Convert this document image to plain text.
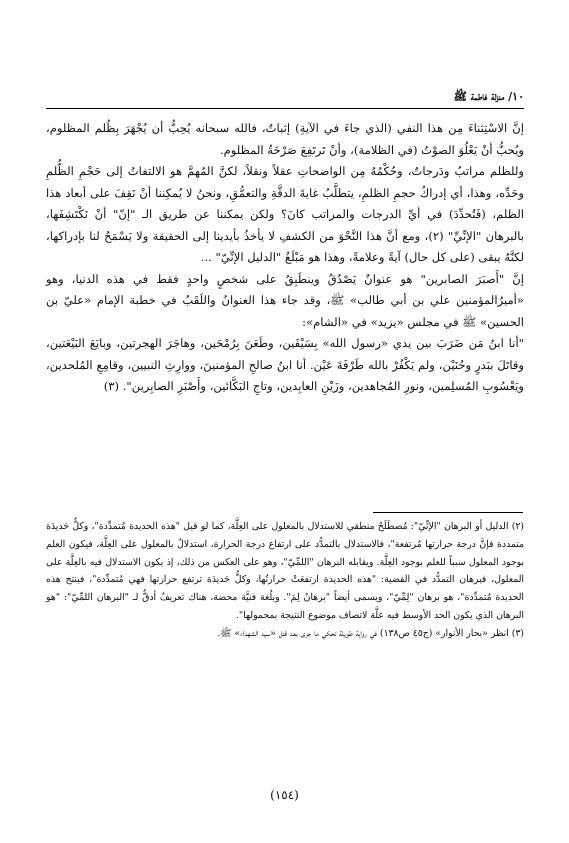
١٠/ منزلة فاطمة ﷺ

إنَّ الاسْتِثناءَ مِن هذا النفي (الذي جاءَ في الآيةِ) إثباتٌ، فالله سبحانه يُحِبُّ أن يُجْهَرَ بِظُلم المظلوم، ويُحبُّ أنْ يَعْلُوَ الصوْتُ (في الظلامة)، وأنْ تَرتَفِعَ صَرْخَةُ المظلوم.

وللظلم مراتبُ ودَرجاتٌ، وحُكْمُهُ مِن الواضحاتِ عقلاً ونقلاً، لكنَّ المُهمَّ هو الالتفاتُ إلى حَجْمِ الظُّلمِ وحَدِّه، وهذا، أي إدراكُ حجمِ الظلمِ، يتطلَّبُ غايةَ الدقَّةِ والتعمُّقِ، ونحنُ لا يُمكِننا أنْ نَقِفَ على أبعاد هذا الظلم، (فَتُحدِّدَ) في أيِّ الدرجات والمراتب كانَ؟ ولكن يمكننا عن طريق الـ "إنّ" أنْ نَكْتَشِفَها، بالبرهان "الإنِّيِّ" (٢)، ومع أنَّ هذا النَّحْوَ من الكشفِ لا يأخذُ بأيدينا إلى الحقيقة ولا يَسْمَحُ لنا بإدراكها، لكنَّهُ يبقى (على كل حال) آيةً وعلامةً، وهذا هو مَبْلَغُ "الدليل الإنِّيّ" ...

إنَّ "أَصبَرَ الصابرين" هو عنوانٌ يَصْدُقُ وينطَبِقُ على شخصٍ واحدٍ فقط في هذه الدنيا، وهو «أميرُالمؤمنين علي بن أبي طالب» ﷺ، وقد جاء هذا العنوانُ واللَقَبُ في خطبة الإمام «عليّ بن الحسين» ﷺ في مجلس «يزيد» في «الشام»:

"أنا ابنُ مَن ضَرَبَ بين يدي «رسول الله» بِسَيْفَين، وطَعَنَ بِرُمْحَين، وهاجَرَ الهجرتين، وبايَعَ البَيْعَتين، وقاتَلَ ببَدرٍ وحُنَيْن، ولم يَكْفُرْ بالله طَرْفَةَ عَيْن. أنا ابنُ صالحِ المؤمنينَ، ووارِثِ النبيين، وقامِعِ المُلحدين، ويَعْسُوبِ المُسلِمين، ونورِ المُجاهدين، وزَيْنِ العابِدين، وتاجِ البَكَّائين، وأَصْبَرِ الصابِرين". (٣)

(٢) الدليل أو البرهان "الإنِّيّ": مُصطَلَحٌ منطقي للاستدلال بالمعلول على العِلَّة، كما لو قيل "هذه الحديدة مُتمدِّدة"، وكلُّ حَديدَة متمددة فإنَّ درجة حرارتها مُرتفعة"، فالاستدلال بالتمدُّد على ارتفاع درجة الحرارة، استدلالٌ بالمعلول على العِلَّة، فيكون العلم بوجود المعلول سبباً للعلم بوجود العِلَّة. ويقابله البرهان "اللمِّيّ"، وهو على العكس من ذلك، إذ يكون الاستدلال فيه بالعِلَّة على المعلول، فبرهان التمدُّد في القضية: "هذه الحديدة ارتفعَتْ حرارتُها، وكلُّ حَديدَة ترتفع حرارتها فهي مُتمدِّدة"، فينتج هذه الحديدة مُتمدِّدة"، هو برهان "لِمِّيّ"، ويسمى أيضاً "برهانُ لِمَ". وبلُغة فنيَّة محضة، هناك تعريفٌ أدقُّ لـ "البرهان اللمِّيّ": "هو البرهان الذي يكون الحد الأوسط فيه علَّة لاتصاف موضوع النتيجة بمحمولها".

(٣) انظر «بحار الأنوار» (ج٤٥ ص١٣٨) في رواية طويلة تحكي ما جرى بعد قتل «سيد الشهداء» ﷺ.

(١٥٤)
